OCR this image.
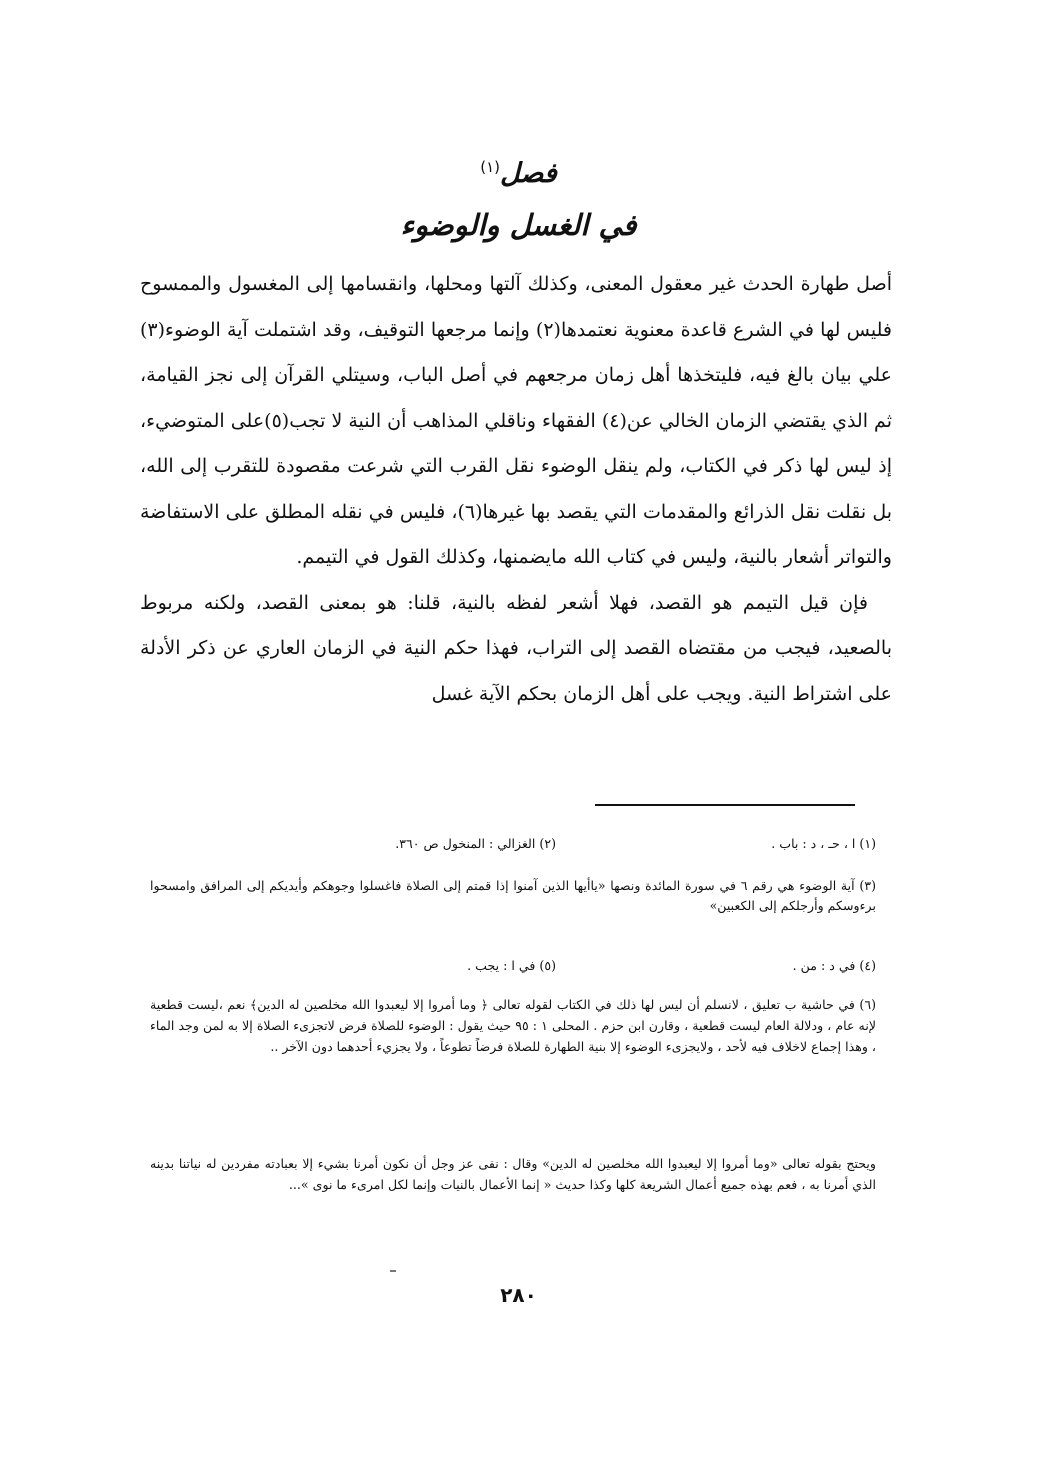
فصل$^{(١)}$
في الغسل والوضوء

أصل طهارة الحدث غير معقول المعنى، وكذلك آلتها ومحلها، وانقسامها إلى المغسول والممسوح فليس لها في الشرع قاعدة معنوية نعتمدها(٢) وإنما مرجعها التوقيف، وقد اشتملت آية الوضوء(٣) علي بيان بالغ فيه، فليتخذها أهل زمان مرجعهم في أصل الباب، وسيتلي القرآن إلى نجز القيامة، ثم الذي يقتضي الزمان الخالي عن(٤) الفقهاء وناقلي المذاهب أن النية لا تجب(٥)على المتوضيء، إذ ليس لها ذكر في الكتاب، ولم ينقل الوضوء نقل القرب التي شرعت مقصودة للتقرب إلى الله، بل نقلت نقل الذرائع والمقدمات التي يقصد بها غيرها(٦)، فليس في نقله المطلق على الاستفاضة والتواتر أشعار بالنية، وليس في كتاب الله مايضمنها، وكذلك القول في التيمم.

فإن قيل التيمم هو القصد، فهلا أشعر لفظه بالنية، قلنا: هو بمعنى القصد، ولكنه مربوط بالصعيد، فيجب من مقتضاه القصد إلى التراب، فهذا حكم النية في الزمان العاري عن ذكر الأدلة على اشتراط النية. ويجب على أهل الزمان بحكم الآية غسل

(١) ا ، حـ ، د : باب .
(٢) الغزالي : المنخول ص ٣٦٠.
(٣) آية الوضوء هي رقم ٦ في سورة المائدة ونصها «ياأيها الذين آمنوا إذا قمتم إلى الصلاة فاغسلوا وجوهكم وأيديكم إلى المرافق وامسحوا برءوسكم وأرجلكم إلى الكعبين»
(٤) في د : من .
(٥) في ا : يجب .
(٦) في حاشية ب تعليق ، لانسلم أن ليس لها ذلك في الكتاب لقوله تعالى ﴿ وما أمروا إلا ليعبدوا الله مخلصين له الدين﴾ نعم ،ليست قطعية لإنه عام ، ودلالة العام ليست قطعية ، وقارن ابن حزم . المحلى ١ : ٩٥ حيث يقول : الوضوء للصلاة فرض لاتجزىء الصلاة إلا به لمن وجد الماء ، وهذا إجماع لاخلاف فيه لأحد ، ولايجزىء الوضوء إلا بنية الطهارة للصلاة فرضاً تطوعاً ، ولا يجزيء أحدهما دون الآخر ..
ويحتج بقوله تعالى «وما أمروا إلا ليعبدوا الله مخلصين له الدين» وقال : نفى عز وجل أن نكون أمرنا بشيء إلا بعبادته مفردين له نياتنا بدينه الذي أمرنا به ، فعم بهذه جميع أعمال الشريعة كلها وكذا حديث « إنما الأعمال بالنيات وإنما لكل امرىء ما نوى »...
٢٨٠
